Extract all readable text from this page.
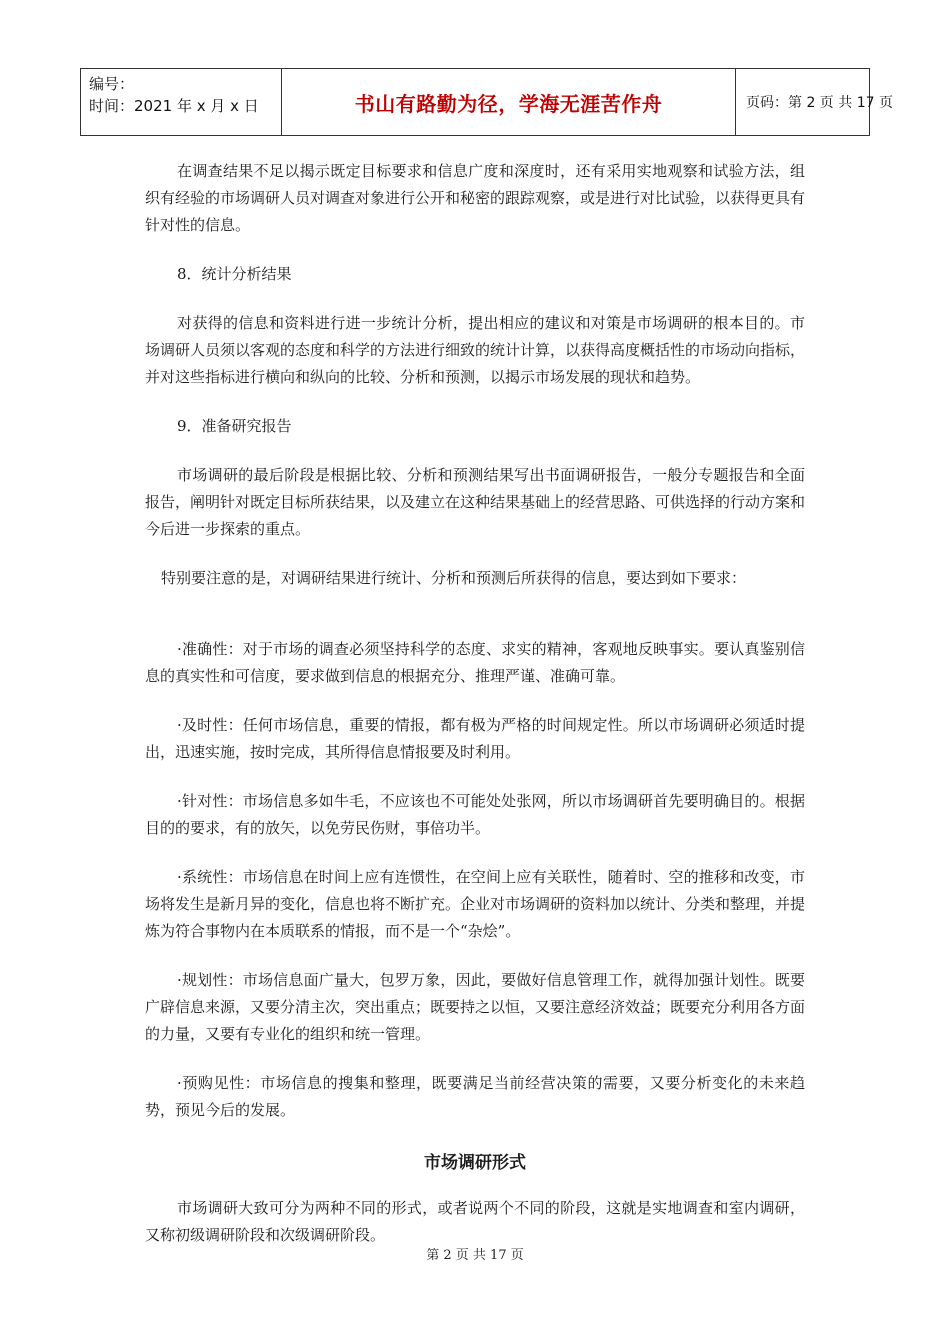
编号：
时间：2021 年 x 月 x 日	书山有路勤为径，学海无涯苦作舟	页码：第 2 页 共 17 页

在调查结果不足以揭示既定目标要求和信息广度和深度时，还有采用实地观察和试验方法，组织有经验的市场调研人员对调查对象进行公开和秘密的跟踪观察，或是进行对比试验，以获得更具有针对性的信息。

8．统计分析结果

对获得的信息和资料进行进一步统计分析，提出相应的建议和对策是市场调研的根本目的。市场调研人员须以客观的态度和科学的方法进行细致的统计计算，以获得高度概括性的市场动向指标，并对这些指标进行横向和纵向的比较、分析和预测，以揭示市场发展的现状和趋势。

9．准备研究报告

市场调研的最后阶段是根据比较、分析和预测结果写出书面调研报告，一般分专题报告和全面报告，阐明针对既定目标所获结果，以及建立在这种结果基础上的经营思路、可供选择的行动方案和今后进一步探索的重点。

特别要注意的是，对调研结果进行统计、分析和预测后所获得的信息，要达到如下要求：

·准确性：对于市场的调查必须坚持科学的态度、求实的精神，客观地反映事实。要认真鉴别信息的真实性和可信度，要求做到信息的根据充分、推理严谨、准确可靠。

·及时性：任何市场信息，重要的情报，都有极为严格的时间规定性。所以市场调研必须适时提出，迅速实施，按时完成，其所得信息情报要及时利用。

·针对性：市场信息多如牛毛，不应该也不可能处处张网，所以市场调研首先要明确目的。根据目的的要求，有的放矢，以免劳民伤财，事倍功半。

·系统性：市场信息在时间上应有连惯性，在空间上应有关联性，随着时、空的推移和改变，市场将发生是新月异的变化，信息也将不断扩充。企业对市场调研的资料加以统计、分类和整理，并提炼为符合事物内在本质联系的情报，而不是一个“杂烩”。

·规划性：市场信息面广量大，包罗万象，因此，要做好信息管理工作，就得加强计划性。既要广辟信息来源，又要分清主次，突出重点；既要持之以恒，又要注意经济效益；既要充分利用各方面的力量，又要有专业化的组织和统一管理。

·预购见性：市场信息的搜集和整理，既要满足当前经营决策的需要，又要分析变化的未来趋势，预见今后的发展。

市场调研形式

市场调研大致可分为两种不同的形式，或者说两个不同的阶段，这就是实地调查和室内调研，又称初级调研阶段和次级调研阶段。

第 2 页 共 17 页
